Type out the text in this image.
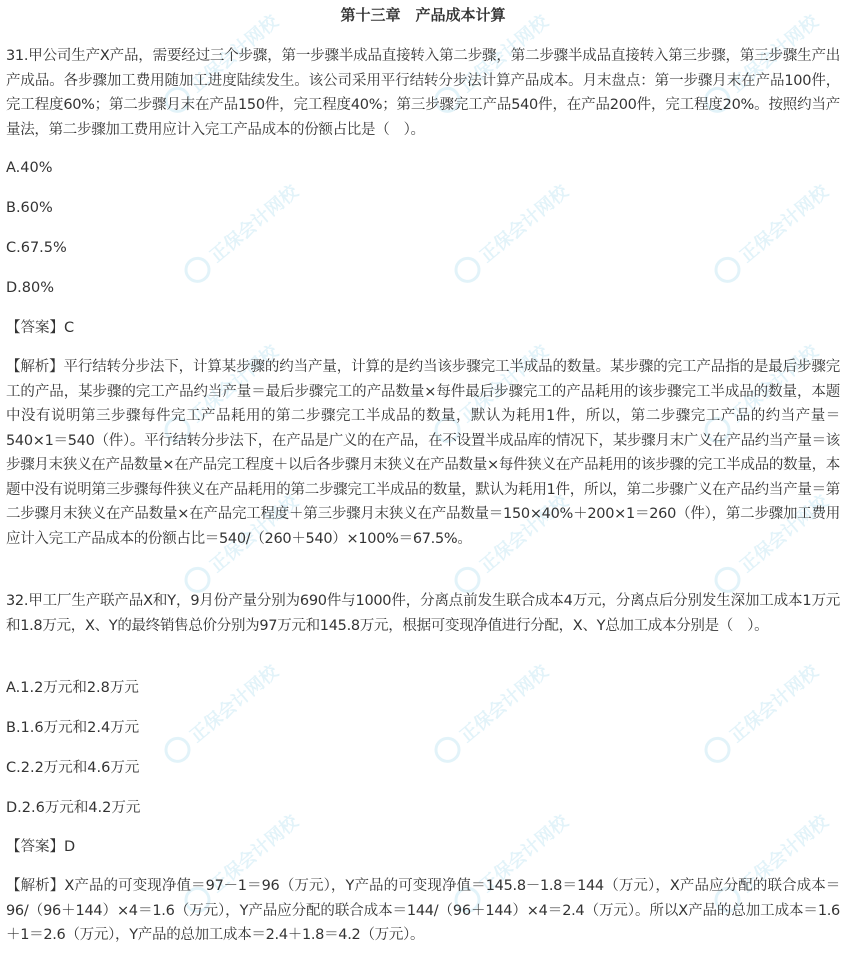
正保会计网校	正保会计网校	正保会计网校
正保会计网校	正保会计网校	正保会计网校
正保会计网校	正保会计网校	正保会计网校
正保会计网校	正保会计网校	正保会计网校
正保会计网校	正保会计网校	正保会计网校
正保会计网校	正保会计网校	正保会计网校
第十三章　产品成本计算

31.甲公司生产X产品，需要经过三个步骤，第一步骤半成品直接转入第二步骤，第二步骤半成品直接转入第三步骤，第三步骤生产出产成品。各步骤加工费用随加工进度陆续发生。该公司采用平行结转分步法计算产品成本。月末盘点：第一步骤月末在产品100件，完工程度60%；第二步骤月末在产品150件，完工程度40%；第三步骤完工产品540件，在产品200件，完工程度20%。按照约当产量法，第二步骤加工费用应计入完工产品成本的份额占比是（　）。

A.40%

B.60%

C.67.5%

D.80%

【答案】C

【解析】平行结转分步法下，计算某步骤的约当产量，计算的是约当该步骤完工半成品的数量。某步骤的完工产品指的是最后步骤完工的产品，某步骤的完工产品约当产量＝最后步骤完工的产品数量×每件最后步骤完工的产品耗用的该步骤完工半成品的数量，本题中没有说明第三步骤每件完工产品耗用的第二步骤完工半成品的数量，默认为耗用1件，所以，第二步骤完工产品的约当产量＝540×1＝540（件）。平行结转分步法下，在产品是广义的在产品，在不设置半成品库的情况下，某步骤月末广义在产品约当产量＝该步骤月末狭义在产品数量×在产品完工程度＋以后各步骤月末狭义在产品数量×每件狭义在产品耗用的该步骤的完工半成品的数量，本题中没有说明第三步骤每件狭义在产品耗用的第二步骤完工半成品的数量，默认为耗用1件，所以，第二步骤广义在产品约当产量＝第二步骤月末狭义在产品数量×在产品完工程度＋第三步骤月末狭义在产品数量＝150×40%＋200×1＝260（件），第二步骤加工费用应计入完工产品成本的份额占比＝540/（260＋540）×100%＝67.5%。

32.甲工厂生产联产品X和Y，9月份产量分别为690件与1000件，分离点前发生联合成本4万元，分离点后分别发生深加工成本1万元和1.8万元，X、Y的最终销售总价分别为97万元和145.8万元，根据可变现净值进行分配，X、Y总加工成本分别是（　）。

A.1.2万元和2.8万元

B.1.6万元和2.4万元

C.2.2万元和4.6万元

D.2.6万元和4.2万元

【答案】D

【解析】X产品的可变现净值＝97－1＝96（万元），Y产品的可变现净值＝145.8－1.8＝144（万元），X产品应分配的联合成本＝96/（96＋144）×4＝1.6（万元），Y产品应分配的联合成本＝144/（96＋144）×4＝2.4（万元）。所以X产品的总加工成本＝1.6＋1＝2.6（万元），Y产品的总加工成本＝2.4＋1.8＝4.2（万元）。
